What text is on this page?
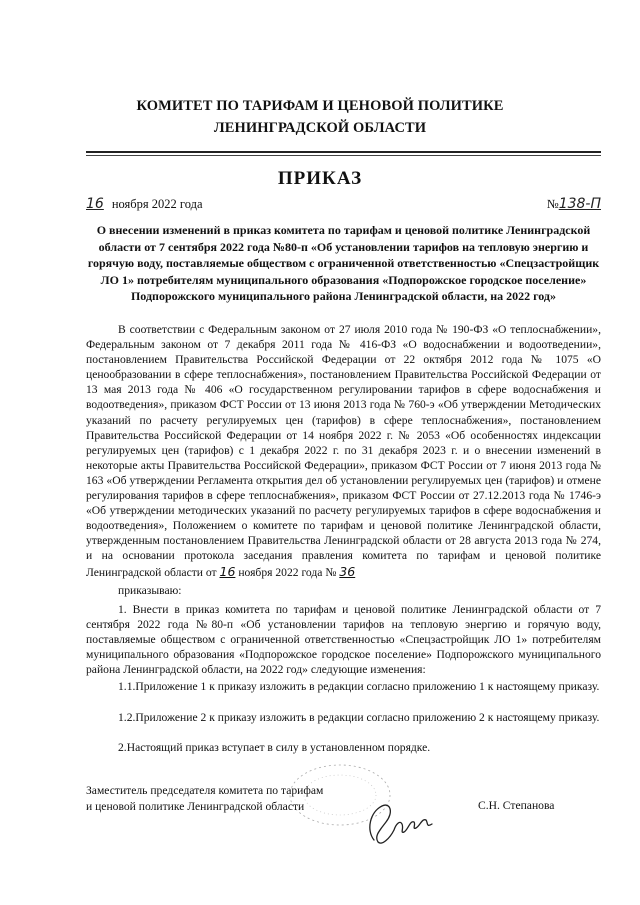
КОМИТЕТ ПО ТАРИФАМ И ЦЕНОВОЙ ПОЛИТИКЕ
ЛЕНИНГРАДСКОЙ ОБЛАСТИ
ПРИКАЗ
16 ноября 2022 года	№138-П
О внесении изменений в приказ комитета по тарифам и ценовой политике Ленинградской области от 7 сентября 2022 года №80-п «Об установлении тарифов на тепловую энергию и горячую воду, поставляемые обществом с ограниченной ответственностью «Спецзастройщик ЛО 1» потребителям муниципального образования «Подпорожское городское поселение» Подпорожского муниципального района Ленинградской области, на 2022 год»
В соответствии с Федеральным законом от 27 июля 2010 года № 190-ФЗ «О теплоснабжении», Федеральным законом от 7 декабря 2011 года № 416-ФЗ «О водоснабжении и водоотведении», постановлением Правительства Российской Федерации от 22 октября 2012 года № 1075 «О ценообразовании в сфере теплоснабжения», постановлением Правительства Российской Федерации от 13 мая 2013 года № 406 «О государственном регулировании тарифов в сфере водоснабжения и водоотведения», приказом ФСТ России от 13 июня 2013 года № 760-э «Об утверждении Методических указаний по расчету регулируемых цен (тарифов) в сфере теплоснабжения», постановлением Правительства Российской Федерации от 14 ноября 2022 г. № 2053 «Об особенностях индексации регулируемых цен (тарифов) с 1 декабря 2022 г. по 31 декабря 2023 г. и о внесении изменений в некоторые акты Правительства Российской Федерации», приказом ФСТ России от 7 июня 2013 года № 163 «Об утверждении Регламента открытия дел об установлении регулируемых цен (тарифов) и отмене регулирования тарифов в сфере теплоснабжения», приказом ФСТ России от 27.12.2013 года № 1746-э «Об утверждении методических указаний по расчету регулируемых тарифов в сфере водоснабжения и водоотведения», Положением о комитете по тарифам и ценовой политике Ленинградской области, утвержденным постановлением Правительства Ленинградской области от 28 августа 2013 года № 274, и на основании протокола заседания правления комитета по тарифам и ценовой политике Ленинградской области от 16 ноября 2022 года № 36
приказываю:
1. Внести в приказ комитета по тарифам и ценовой политике Ленинградской области от 7 сентября 2022 года №80-п «Об установлении тарифов на тепловую энергию и горячую воду, поставляемые обществом с ограниченной ответственностью «Спецзастройщик ЛО 1» потребителям муниципального образования «Подпорожское городское поселение» Подпорожского муниципального района Ленинградской области, на 2022 год» следующие изменения:
1.1.Приложение 1 к приказу изложить в редакции согласно приложению 1 к настоящему приказу.
1.2.Приложение 2 к приказу изложить в редакции согласно приложению 2 к настоящему приказу.
2.Настоящий приказ вступает в силу в установленном порядке.
Заместитель председателя комитета по тарифам
и ценовой политике Ленинградской области	С.Н. Степанова
